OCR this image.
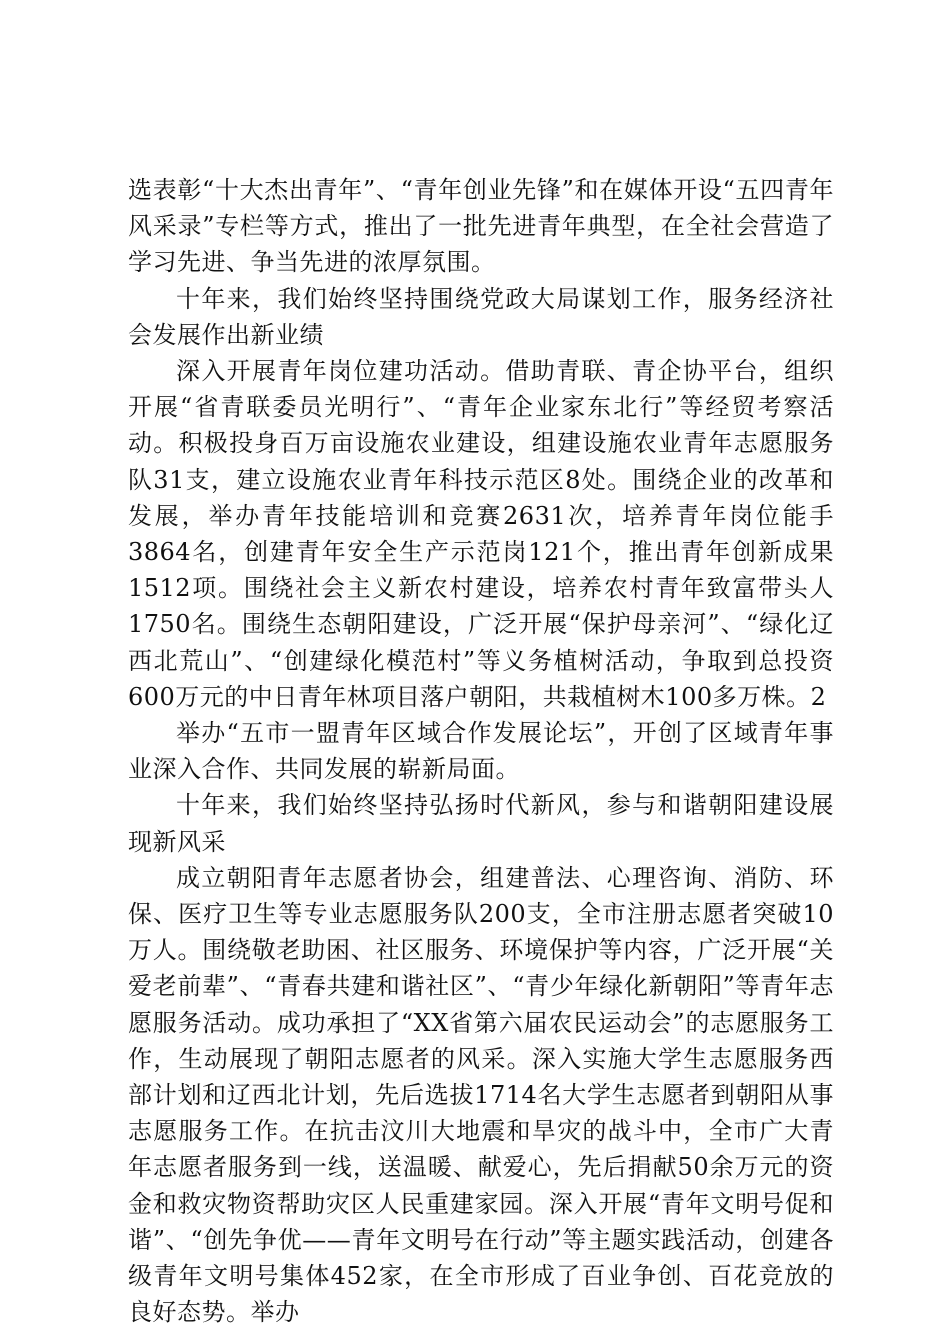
选表彰“十大杰出青年”、“青年创业先锋”和在媒体开设“五四青年风采录”专栏等方式，推出了一批先进青年典型，在全社会营造了学习先进、争当先进的浓厚氛围。

十年来，我们始终坚持围绕党政大局谋划工作，服务经济社会发展作出新业绩

深入开展青年岗位建功活动。借助青联、青企协平台，组织开展“省青联委员光明行”、“青年企业家东北行”等经贸考察活动。积极投身百万亩设施农业建设，组建设施农业青年志愿服务队31支，建立设施农业青年科技示范区8处。围绕企业的改革和发展，举办青年技能培训和竞赛2631次，培养青年岗位能手3864名，创建青年安全生产示范岗121个，推出青年创新成果1512项。围绕社会主义新农村建设，培养农村青年致富带头人1750名。围绕生态朝阳建设，广泛开展“保护母亲河”、“绿化辽西北荒山”、“创建绿化模范村”等义务植树活动，争取到总投资600万元的中日青年林项目落户朝阳，共栽植树木100多万株。2

举办“五市一盟青年区域合作发展论坛”，开创了区域青年事业深入合作、共同发展的崭新局面。

十年来，我们始终坚持弘扬时代新风，参与和谐朝阳建设展现新风采

成立朝阳青年志愿者协会，组建普法、心理咨询、消防、环保、医疗卫生等专业志愿服务队200支，全市注册志愿者突破10万人。围绕敬老助困、社区服务、环境保护等内容，广泛开展“关爱老前辈”、“青春共建和谐社区”、“青少年绿化新朝阳”等青年志愿服务活动。成功承担了“XX省第六届农民运动会”的志愿服务工作，生动展现了朝阳志愿者的风采。深入实施大学生志愿服务西部计划和辽西北计划，先后选拔1714名大学生志愿者到朝阳从事志愿服务工作。在抗击汶川大地震和旱灾的战斗中，全市广大青年志愿者服务到一线，送温暖、献爱心，先后捐献50余万元的资金和救灾物资帮助灾区人民重建家园。深入开展“青年文明号促和谐”、“创先争优——青年文明号在行动”等主题实践活动，创建各级青年文明号集体452家，在全市形成了百业争创、百花竞放的良好态势。举办
